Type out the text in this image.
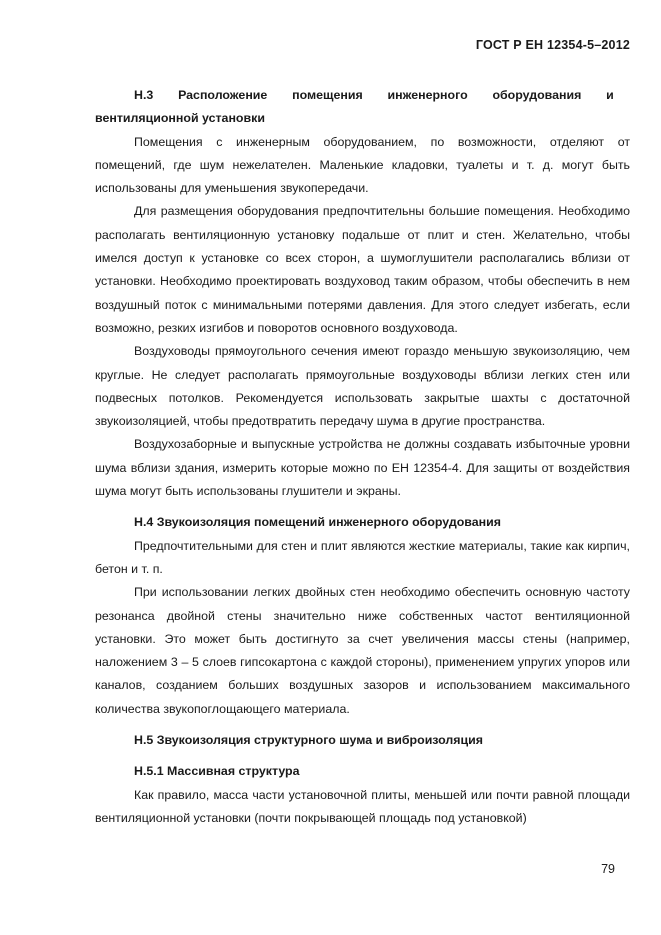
ГОСТ Р ЕН 12354-5–2012

Н.3  Расположение  помещения  инженерного  оборудования  и вентиляционной установки

Помещения с инженерным оборудованием, по возможности, отделяют от помещений, где шум нежелателен. Маленькие кладовки, туалеты и т. д. могут быть использованы для уменьшения звукопередачи.

Для размещения оборудования предпочтительны большие помещения. Необходимо располагать вентиляционную установку подальше от плит и стен. Желательно, чтобы имелся доступ к установке со всех сторон, а шумоглушители располагались вблизи от установки. Необходимо проектировать воздуховод таким образом, чтобы обеспечить в нем воздушный поток с минимальными потерями давления. Для этого следует избегать, если возможно, резких изгибов и поворотов основного воздуховода.

Воздуховоды прямоугольного сечения имеют гораздо меньшую звукоизоляцию, чем круглые. Не следует располагать прямоугольные воздуховоды вблизи легких стен или подвесных потолков. Рекомендуется использовать закрытые шахты с достаточной звукоизоляцией, чтобы предотвратить передачу шума в другие пространства.

Воздухозаборные и выпускные устройства не должны создавать избыточные уровни шума вблизи здания, измерить которые можно по ЕН 12354-4. Для защиты от воздействия шума могут быть использованы глушители и экраны.

Н.4 Звукоизоляция помещений инженерного оборудования

Предпочтительными для стен и плит являются жесткие материалы, такие как кирпич, бетон и т. п.

При использовании легких двойных стен необходимо обеспечить основную частоту резонанса двойной стены значительно ниже собственных частот вентиляционной установки. Это может быть достигнуто за счет увеличения массы стены (например, наложением 3 – 5 слоев гипсокартона с каждой стороны), применением упругих упоров или каналов, созданием больших воздушных зазоров и использованием максимального количества звукопоглощающего материала.

Н.5 Звукоизоляция структурного шума и виброизоляция
Н.5.1 Массивная структура

Как правило, масса части установочной плиты, меньшей или почти равной площади вентиляционной установки (почти покрывающей площадь под установкой)

79
